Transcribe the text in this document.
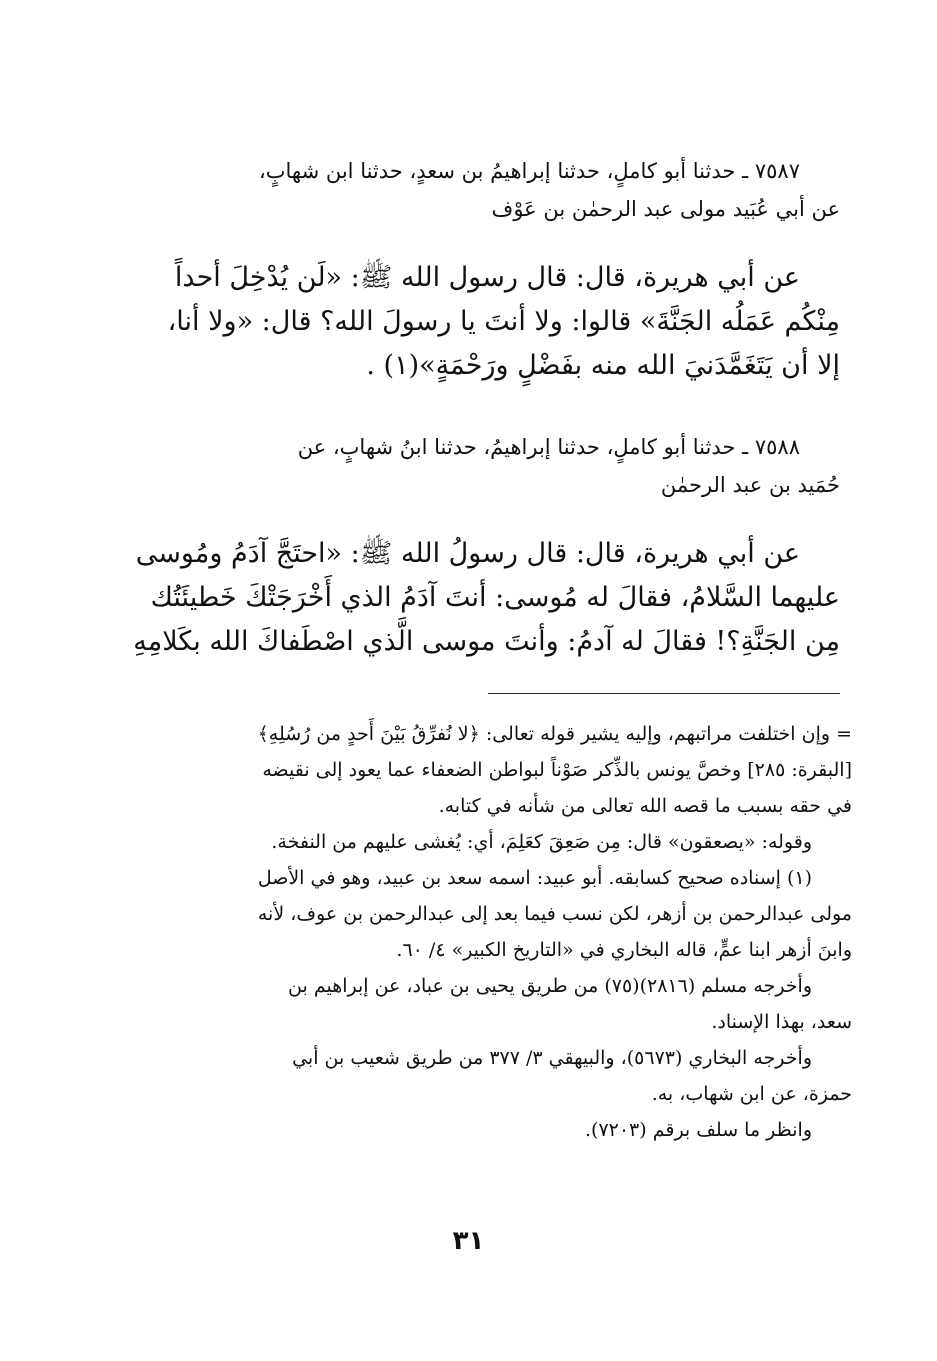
٧٥٨٧ ـ حدثنا أبو كاملٍ، حدثنا إبراهيمُ بن سعدٍ، حدثنا ابن شهابٍ،
عن أبي عُبَيد مولى عبد الرحمٰن بن عَوْف
عن أبي هريرة، قال: قال رسول الله ﷺ: «لَن يُدْخِلَ أحداً
مِنْكُم عَمَلُه الجَنَّةَ» قالوا: ولا أنتَ يا رسولَ الله؟ قال: «ولا أنا،
إلا أن يَتَغَمَّدَنيَ الله منه بفَضْلٍ ورَحْمَةٍ»(١) .
٧٥٨٨ ـ حدثنا أبو كاملٍ، حدثنا إبراهيمُ، حدثنا ابنُ شهابٍ، عن
حُمَيد بن عبد الرحمٰن
عن أبي هريرة، قال: قال رسولُ الله ﷺ: «احتَجَّ آدَمُ ومُوسى
عليهما السَّلامُ، فقالَ له مُوسى: أنتَ آدَمُ الذي أَخْرَجَتْكَ خَطيئَتُك
مِن الجَنَّةِ؟! فقالَ له آدمُ: وأنتَ موسى الَّذي اصْطَفاكَ الله بكَلامِهِ
= وإن اختلفت مراتبهم، وإليه يشير قوله تعالى: ﴿لا نُفرِّقُ بَيْنَ أَحدٍ من رُسُلِهِ﴾
[البقرة: ٢٨٥] وخصَّ يونس بالذِّكر صَوْناً لبواطن الضعفاء عما يعود إلى نقيضه
في حقه بسبب ما قصه الله تعالى من شأنه في كتابه.
وقوله: «يصعقون» قال: مِن صَعِقَ كعَلِمَ، أي: يُغشى عليهم من النفخة.
(١) إسناده صحيح كسابقه. أبو عبيد: اسمه سعد بن عبيد، وهو في الأصل
مولى عبدالرحمن بن أزهر، لكن نسب فيما بعد إلى عبدالرحمن بن عوف، لأنه
وابنَ أزهر ابنا عمٍّ، قاله البخاري في «التاريخ الكبير» ٤/ ٦٠.
وأخرجه مسلم (٢٨١٦)(٧٥) من طريق يحيى بن عباد، عن إبراهيم بن
سعد، بهذا الإسناد.
وأخرجه البخاري (٥٦٧٣)، والبيهقي ٣/ ٣٧٧ من طريق شعيب بن أبي
حمزة، عن ابن شهاب، به.
وانظر ما سلف برقم (٧٢٠٣).
٣١
